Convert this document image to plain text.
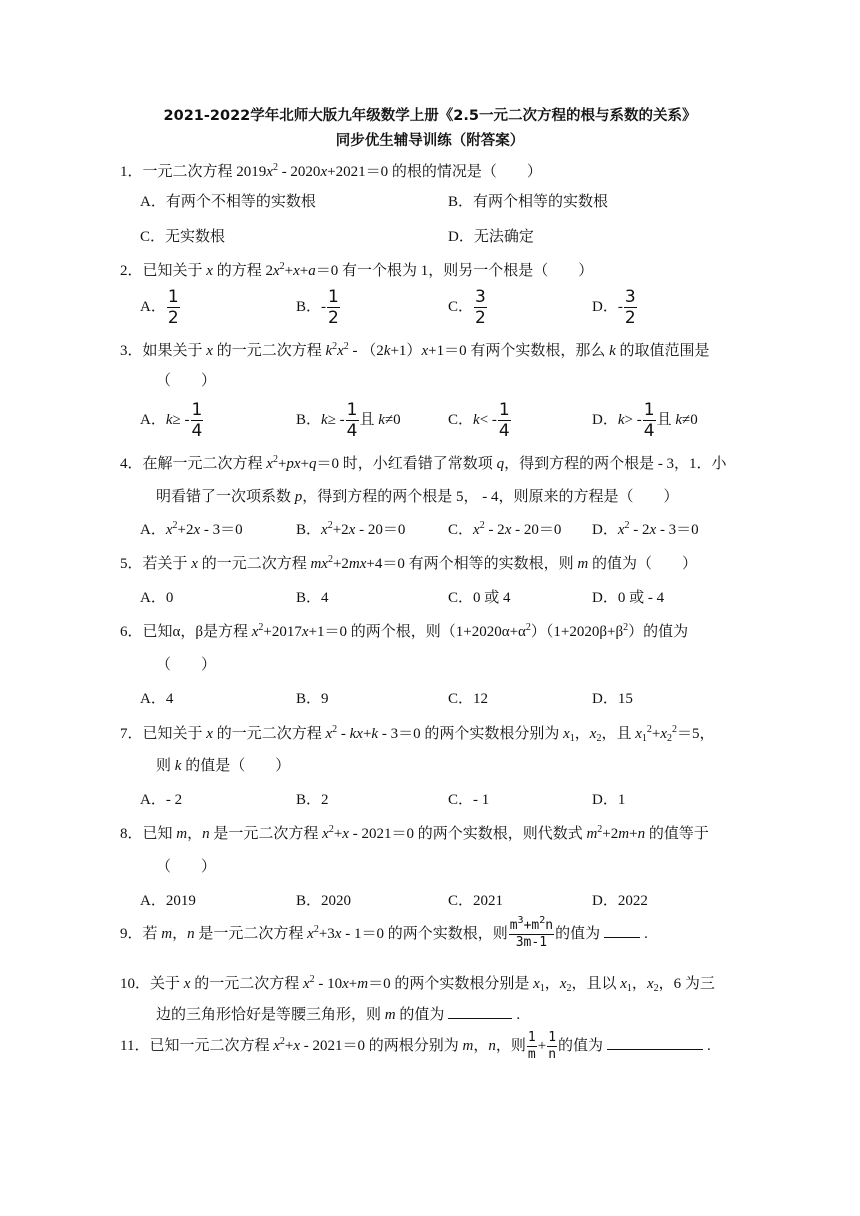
2021-2022学年北师大版九年级数学上册《2.5一元二次方程的根与系数的关系》
同步优生辅导训练（附答案）
1．一元二次方程 $2019x^2 - 2020x+2021=0$ 的根的情况是（　　）
A．有两个不相等的实数根	B．有两个相等的实数根
C．无实数根	D．无法确定
2．已知关于 x 的方程 $2x^2+x+a=0$ 有一个根为 1，则另一个根是（　　）
A． $\frac{1}{2}$	B．- $\frac{1}{2}$	C． $\frac{3}{2}$	D．- $\frac{3}{2}$
3．如果关于 x 的一元二次方程 $k^2x^2 - (2k+1)x+1=0$ 有两个实数根，那么 k 的取值范围是
（　　）
A．$k\ge - \frac{1}{4}$	B．$k\ge - \frac{1}{4}$ 且 k≠0	C．$k< - \frac{1}{4}$	D．$k> - \frac{1}{4}$ 且 k≠0
4．在解一元二次方程 $x^2+px+q=0$ 时，小红看错了常数项 q，得到方程的两个根是 - 3，1．小
明看错了一次项系数 p，得到方程的两个根是 5， - 4，则原来的方程是（　　）
A．$x^2+2x - 3=0$	B．$x^2+2x - 20=0$	C．$x^2 - 2x - 20=0$ D．$x^2 - 2x - 3=0$
5．若关于 x 的一元二次方程 $mx^2+2mx+4=0$ 有两个相等的实数根，则 m 的值为（　　）
A．0	B．4	C．0 或 4	D．0 或 - 4
6．已知α，β是方程 $x^2+2017x+1=0$ 的两个根，则$(1+2020\alpha+\alpha^2)(1+2020\beta+\beta^2)$的值为
（　　）
A．4	B．9	C．12	D．15
7．已知关于 x 的一元二次方程 $x^2 - kx+k - 3=0$ 的两个实数根分别为 $x_1$，$x_2$，且 $x_1^2+x_2^2=5$，
则 k 的值是（　　）
A．- 2	B．2	C．- 1	D．1
8．已知 m，n 是一元二次方程 $x^2+x - 2021=0$ 的两个实数根，则代数式 $m^2+2m+n$ 的值等于
（　　）
A．2019	B．2020	C．2021	D．2022
9．若 m，n 是一元二次方程 $x^2+3x - 1=0$ 的两个实数根，则 $\frac{m^3+m^2n}{3m-1}$ 的值为	.
10．关于 x 的一元二次方程 $x^2 - 10x+m=0$ 的两个实数根分别是 $x_1$，$x_2$，且以 $x_1$，$x_2$，6 为三
边的三角形恰好是等腰三角形，则 m 的值为	.
11．已知一元二次方程 $x^2+x - 2021=0$ 的两根分别为 m，n，则 $\frac{1}{m} + \frac{1}{n}$ 的值为	.
